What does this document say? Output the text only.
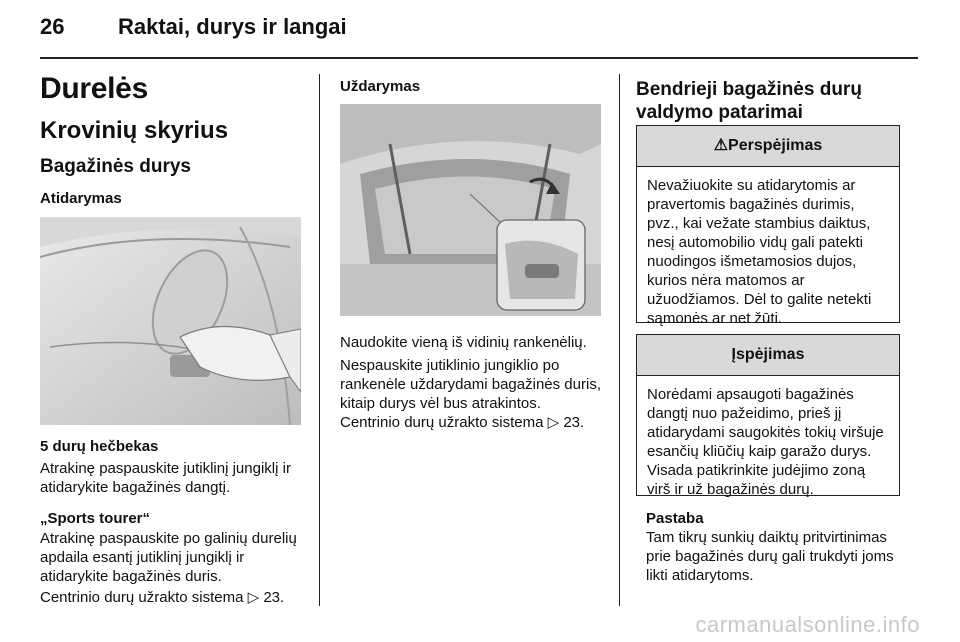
26 Raktai, durys ir langai
Durelės
Krovinių skyrius
Bagažinės durys
Atidarymas
5 durų hečbekas
Atrakinę paspauskite jutiklinį jungiklį ir atidarykite bagažinės dangtį.
„Sports tourer“
Atrakinę paspauskite po galinių durelių apdaila esantį jutiklinį jungiklį ir atidarykite bagažinės duris.
Centrinio durų užrakto sistema ▷ 23.
Uždarymas
Naudokite vieną iš vidinių rankenėlių.
Nespauskite jutiklinio jungiklio po rankenėle uždarydami bagažinės duris, kitaip durys vėl bus atrakintos.
Centrinio durų užrakto sistema ▷ 23.
Bendrieji bagažinės durų valdymo patarimai
⚠Perspėjimas
Nevažiuokite su atidarytomis ar pravertomis bagažinės durimis, pvz., kai vežate stambius daiktus, nesį automobilio vidų gali patekti nuodingos išmetamosios dujos, kurios nėra matomos ar užuodžiamos. Dėl to galite netekti sąmonės ar net žūti.
Įspėjimas
Norėdami apsaugoti bagažinės dangtį nuo pažeidimo, prieš jį atidarydami saugokitės tokių viršuje esančių kliūčių kaip garažo durys. Visada patikrinkite judėjimo zoną virš ir už bagažinės durų.
Pastaba
Tam tikrų sunkių daiktų pritvirtinimas prie bagažinės durų gali trukdyti joms likti atidarytoms.
carmanualsonline.info
